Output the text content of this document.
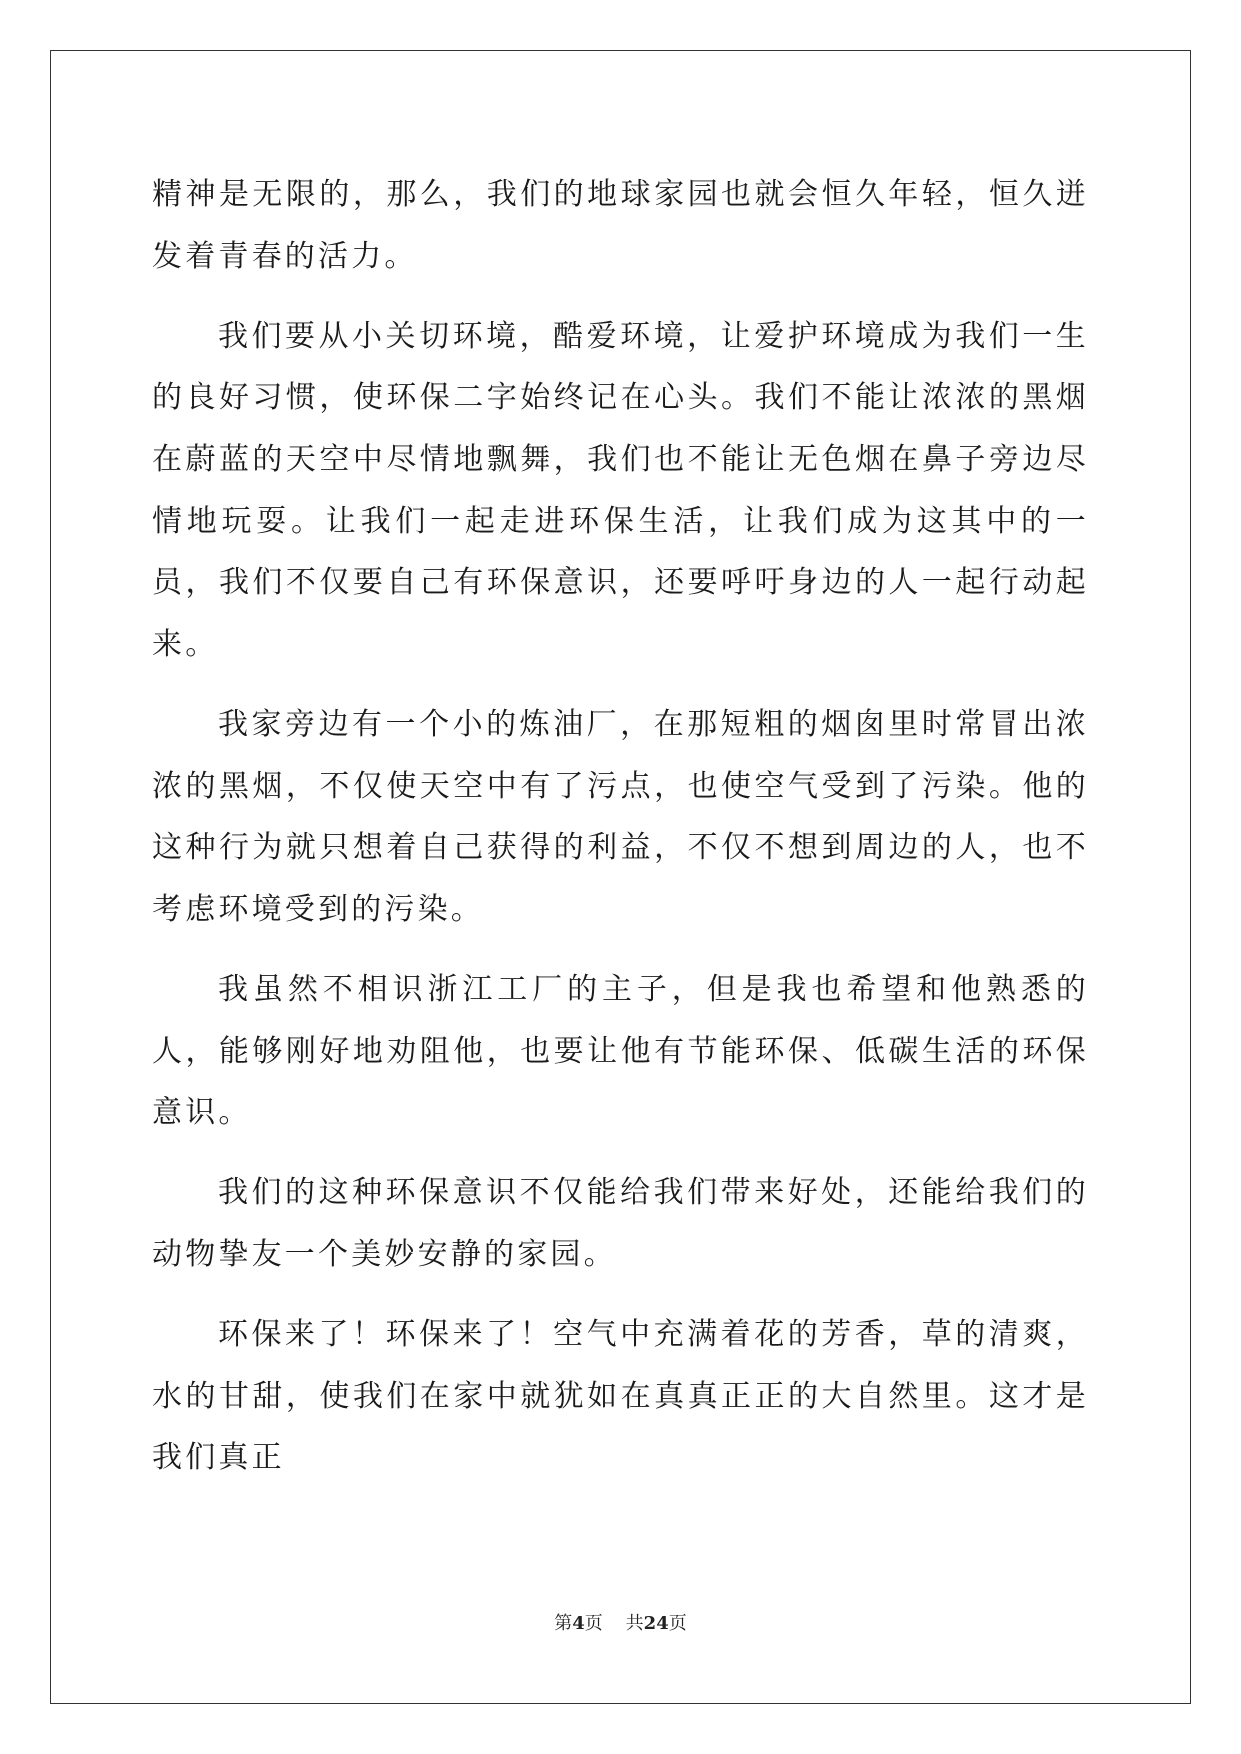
精神是无限的，那么，我们的地球家园也就会恒久年轻，恒久迸发着青春的活力。

我们要从小关切环境，酷爱环境，让爱护环境成为我们一生的良好习惯，使环保二字始终记在心头。我们不能让浓浓的黑烟在蔚蓝的天空中尽情地飘舞，我们也不能让无色烟在鼻子旁边尽情地玩耍。让我们一起走进环保生活，让我们成为这其中的一员，我们不仅要自己有环保意识，还要呼吁身边的人一起行动起来。

我家旁边有一个小的炼油厂，在那短粗的烟囱里时常冒出浓浓的黑烟，不仅使天空中有了污点，也使空气受到了污染。他的这种行为就只想着自己获得的利益，不仅不想到周边的人，也不考虑环境受到的污染。

我虽然不相识浙江工厂的主子，但是我也希望和他熟悉的人，能够刚好地劝阻他，也要让他有节能环保、低碳生活的环保意识。

我们的这种环保意识不仅能给我们带来好处，还能给我们的动物挚友一个美妙安静的家园。

环保来了！环保来了！空气中充满着花的芳香，草的清爽，水的甘甜，使我们在家中就犹如在真真正正的大自然里。这才是我们真正

第4页 共24页
